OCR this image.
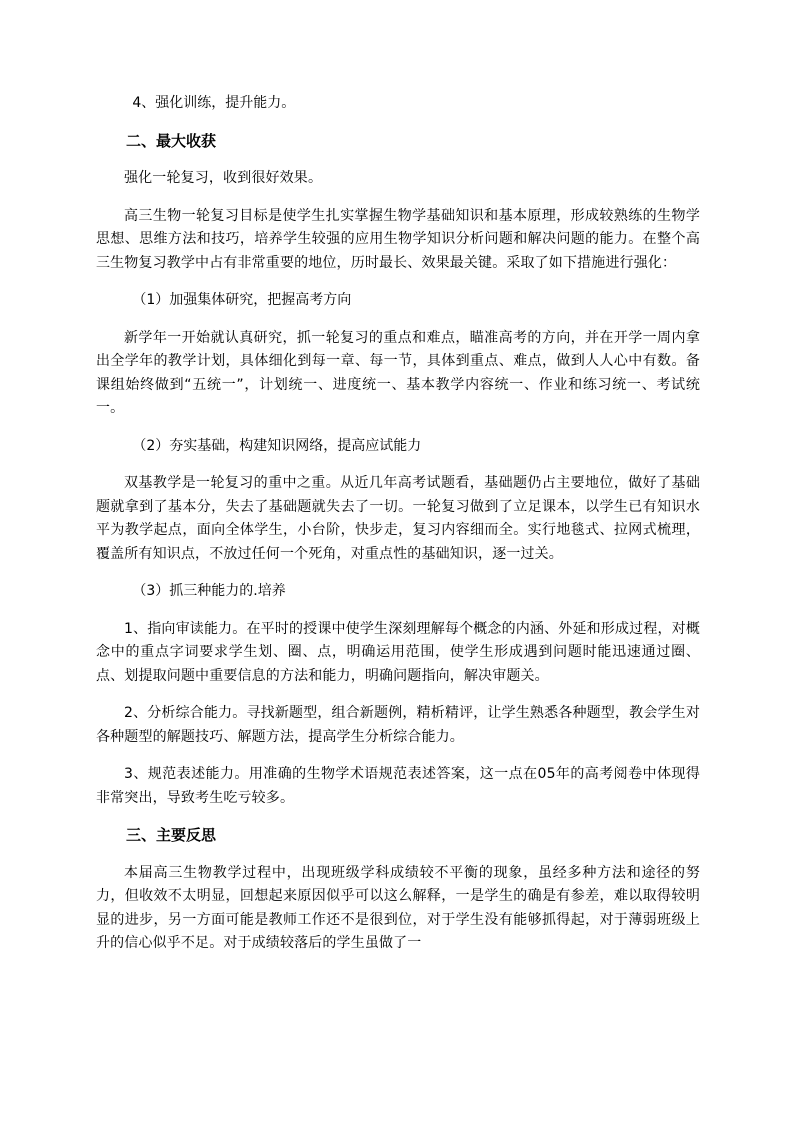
4、强化训练，提升能力。

二、最大收获

强化一轮复习，收到很好效果。

高三生物一轮复习目标是使学生扎实掌握生物学基础知识和基本原理，形成较熟练的生物学思想、思维方法和技巧，培养学生较强的应用生物学知识分析问题和解决问题的能力。在整个高三生物复习教学中占有非常重要的地位，历时最长、效果最关键。采取了如下措施进行强化：

（1）加强集体研究，把握高考方向

新学年一开始就认真研究，抓一轮复习的重点和难点，瞄准高考的方向，并在开学一周内拿出全学年的教学计划，具体细化到每一章、每一节，具体到重点、难点，做到人人心中有数。备课组始终做到“五统一”，计划统一、进度统一、基本教学内容统一、作业和练习统一、考试统一。

（2）夯实基础，构建知识网络，提高应试能力

双基教学是一轮复习的重中之重。从近几年高考试题看，基础题仍占主要地位，做好了基础题就拿到了基本分，失去了基础题就失去了一切。一轮复习做到了立足课本，以学生已有知识水平为教学起点，面向全体学生，小台阶，快步走，复习内容细而全。实行地毯式、拉网式梳理，覆盖所有知识点，不放过任何一个死角，对重点性的基础知识，逐一过关。

（3）抓三种能力的.培养

1、指向审读能力。在平时的授课中使学生深刻理解每个概念的内涵、外延和形成过程，对概念中的重点字词要求学生划、圈、点，明确运用范围，使学生形成遇到问题时能迅速通过圈、点、划提取问题中重要信息的方法和能力，明确问题指向，解决审题关。

2、分析综合能力。寻找新题型，组合新题例，精析精评，让学生熟悉各种题型，教会学生对各种题型的解题技巧、解题方法，提高学生分析综合能力。

3、规范表述能力。用准确的生物学术语规范表述答案，这一点在05年的高考阅卷中体现得非常突出，导致考生吃亏较多。

三、主要反思

本届高三生物教学过程中，出现班级学科成绩较不平衡的现象，虽经多种方法和途径的努力，但收效不太明显，回想起来原因似乎可以这么解释，一是学生的确是有参差，难以取得较明显的进步，另一方面可能是教师工作还不是很到位，对于学生没有能够抓得起，对于薄弱班级上升的信心似乎不足。对于成绩较落后的学生虽做了一
